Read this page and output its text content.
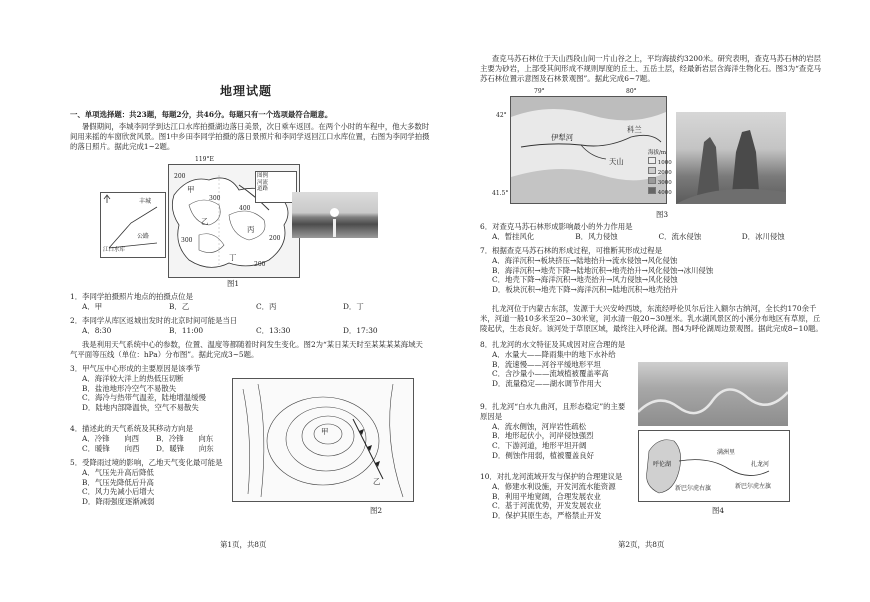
地理试题
一、单项选择题：共23题，每题2分，共46分。每题只有一个选项最符合题意。
暑假期间，李城李同学到达江口水库拍摄湖边落日美景，次日乘车返回。在两个小时的车程中，他大多数时间用来摇的车窗欣赏风景。图1中乡田李同学拍摄的落日景照片和李同学返回江口水库位置，右图为李同学拍摄的落日照片。据此完成1~2题。
甲
乙
丙
丁
200
300
400
200
300
200
图例
河流
道路
119°E
丰城
公路
江口水库
图1
1．李同学拍摄照片地点的拍摄点位是
A．甲	B．乙	C．丙	D．丁
2．李同学从库区返城出发时的北京时间可能是当日
A．8:30	B．11:00	C．13:30	D．17:30
我是利用天气系统中心的参数，位置、温度等都随着时间发生变化。图2为“某日某天时至某某某某海域天气平面等压线（单位：hPa）分布图”。据此完成3~5题。
3．甲气压中心形成的主要原因是该季节
A．海洋较大洋上的热低压切断
B．盐池地形冷空气不易散失
C．海冷与热带气温差，陆地增温缓慢
D．陆地内部降温快，空气不易散失
4．描述此的天气系统及其移动方向是
A．冷锋　　向西	B．冷锋　　向东
C．暖锋　　向西	D．暖锋　　向东
5．受降雨过境的影响，乙地天气变化最可能是
A．气压先升高后降低
B．气压先降低后升高
C．风力先减小后增大
D．降雨强度逐渐减弱
甲
乙
图2
第1页，共8页
查克马苏石林位于天山西段山间一片山谷之上，平均海拔约3200米。研究表明，查克马苏石林的岩层主要为砂岩，上部受其间形成不规则厚度的丘土、五岳土层，经最新岩层含海洋生物化石。图3为“查克马苏石林位置示意图及石林景观图”。据此完成6~7题。
伊犁河
天山
科兰
79°	80°
42°
41.5°
海拔/m
1000
2000
3000
4000
图3
6．对查克马苏石林形成影响最小的外力作用是
A．暂挂风化	B．风力侵蚀	C．流水侵蚀	D．冰川侵蚀
7．根据查克马苏石林的形成过程，可推断其形成过程是
A．海洋沉积→板块挤压→陆地抬升→流水侵蚀→风化侵蚀
B．海洋沉积→地壳下降→陆地沉积→地壳抬升→风化侵蚀→冰川侵蚀
C．地壳下降→海洋沉积→地壳抬升→风力侵蚀→风化侵蚀
D．板块沉积→地壳下降→海洋沉积→陆地沉积→地壳抬升
扎龙河位于内蒙古东部，发源于大兴安岭西坡，东流经呼伦贝尔后注入额尔古纳河，全长约170余千米，河道一般10多米至20~30米宽，河水清一般20~30厘米。乳水湖风景区的小溪分布地区有草原，丘陵起伏，生态良好。该河处于草原区域，最终注入呼伦湖。图4为呼伦湖周边景观图。据此完成8~10题。
8．扎龙河的水文特征及其成因对应合理的是
A．水量大——降雨集中的地下水补给
B．流速慢——河谷平缓地形平坦
C．含沙量小——流域植被覆盖率高
D．流量稳定——湖水调节作用大
9．扎龙河“白水九曲河，且形态稳定”的主要原因是
A．流水侧蚀，河岸岩性疏松
B．地形起伏小，河岸侵蚀强烈
C．下游河道，地形平坦开阔
D．侧蚀作用弱，植被覆盖良好
10．对扎龙河流域开发与保护的合理建议是
A．修建水利设施，开发河流水能资源
B．利用平地宽阔，合理发展农业
C．基于河流优势，开发发展农业
D．保护其原生态，严格禁止开发
呼伦湖
新巴尔虎右旗
满洲里
新巴尔虎左旗
扎龙河
图4
第2页，共8页
